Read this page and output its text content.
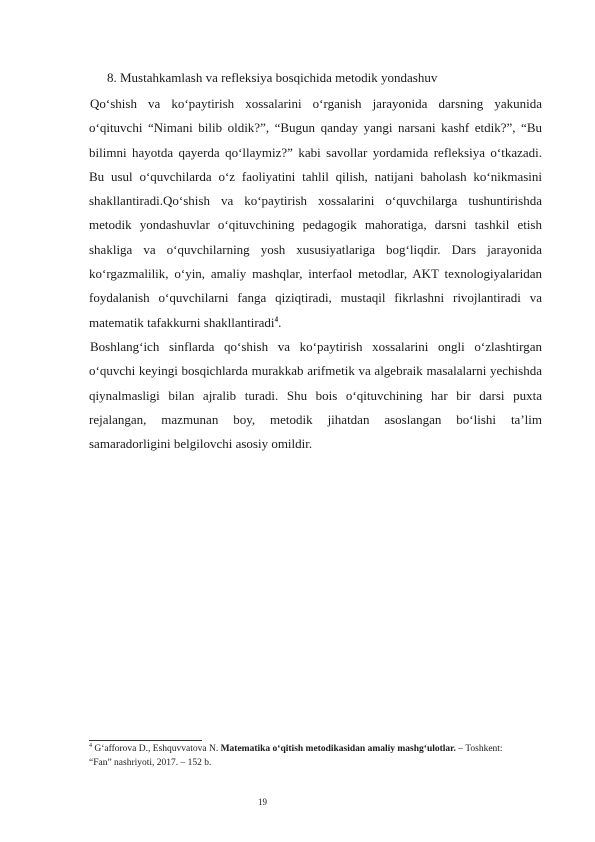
8. Mustahkamlash va refleksiya bosqichida metodik yondashuv

Qo‘shish va ko‘paytirish xossalarini o‘rganish jarayonida darsning yakunida o‘qituvchi “Nimani bilib oldik?”, “Bugun qanday yangi narsani kashf etdik?”, “Bu bilimni hayotda qayerda qo‘llaymiz?” kabi savollar yordamida refleksiya o‘tkazadi. Bu usul o‘quvchilarda o‘z faoliyatini tahlil qilish, natijani baholash ko‘nikmasini shakllantiradi.Qo‘shish va ko‘paytirish xossalarini o‘quvchilarga tushuntirishda metodik yondashuvlar o‘qituvchining pedagogik mahoratiga, darsni tashkil etish shakliga va o‘quvchilarning yosh xususiyatlariga bog‘liqdir. Dars jarayonida ko‘rgazmalilik, o‘yin, amaliy mashqlar, interfaol metodlar, AKT texnologiyalaridan foydalanish o‘quvchilarni fanga qiziqtiradi, mustaqil fikrlashni rivojlantiradi va matematik tafakkurni shakllantiradi$^4$.

Boshlang‘ich sinflarda qo‘shish va ko‘paytirish xossalarini ongli o‘zlashtirgan o‘quvchi keyingi bosqichlarda murakkab arifmetik va algebraik masalalarni yechishda qiynalmasligi bilan ajralib turadi. Shu bois o‘qituvchining har bir darsi puxta rejalangan, mazmunan boy, metodik jihatdan asoslangan bo‘lishi ta’lim samaradorligini belgilovchi asosiy omildir.

$^4$ G‘afforova D., Eshquvvatova N. Matematika o‘qitish metodikasidan amaliy mashg‘ulotlar. – Toshkent: “Fan” nashriyoti, 2017. – 152 b.
19
